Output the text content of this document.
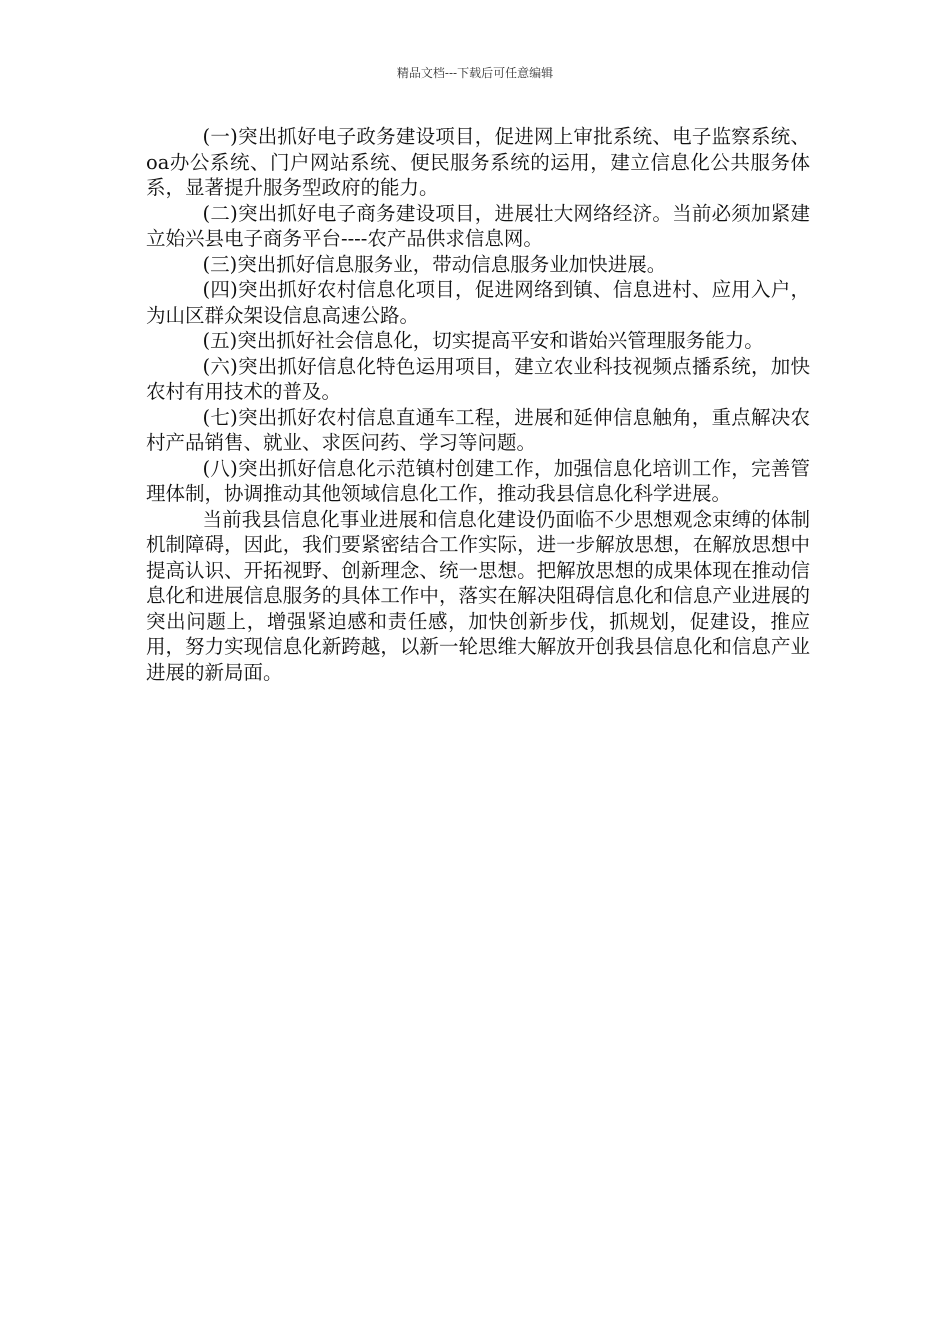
精品文档---下载后可任意编辑

(一)突出抓好电子政务建设项目，促进网上审批系统、电子监察系统、oa办公系统、门户网站系统、便民服务系统的运用，建立信息化公共服务体系，显著提升服务型政府的能力。

(二)突出抓好电子商务建设项目，进展壮大网络经济。当前必须加紧建立始兴县电子商务平台----农产品供求信息网。

(三)突出抓好信息服务业，带动信息服务业加快进展。

(四)突出抓好农村信息化项目，促进网络到镇、信息进村、应用入户，为山区群众架设信息高速公路。

(五)突出抓好社会信息化，切实提高平安和谐始兴管理服务能力。

(六)突出抓好信息化特色运用项目，建立农业科技视频点播系统，加快农村有用技术的普及。

(七)突出抓好农村信息直通车工程，进展和延伸信息触角，重点解决农村产品销售、就业、求医问药、学习等问题。

(八)突出抓好信息化示范镇村创建工作，加强信息化培训工作，完善管理体制，协调推动其他领域信息化工作，推动我县信息化科学进展。

当前我县信息化事业进展和信息化建设仍面临不少思想观念束缚的体制机制障碍，因此，我们要紧密结合工作实际，进一步解放思想，在解放思想中提高认识、开拓视野、创新理念、统一思想。把解放思想的成果体现在推动信息化和进展信息服务的具体工作中，落实在解决阻碍信息化和信息产业进展的突出问题上，增强紧迫感和责任感，加快创新步伐，抓规划，促建设，推应用，努力实现信息化新跨越，以新一轮思维大解放开创我县信息化和信息产业进展的新局面。
